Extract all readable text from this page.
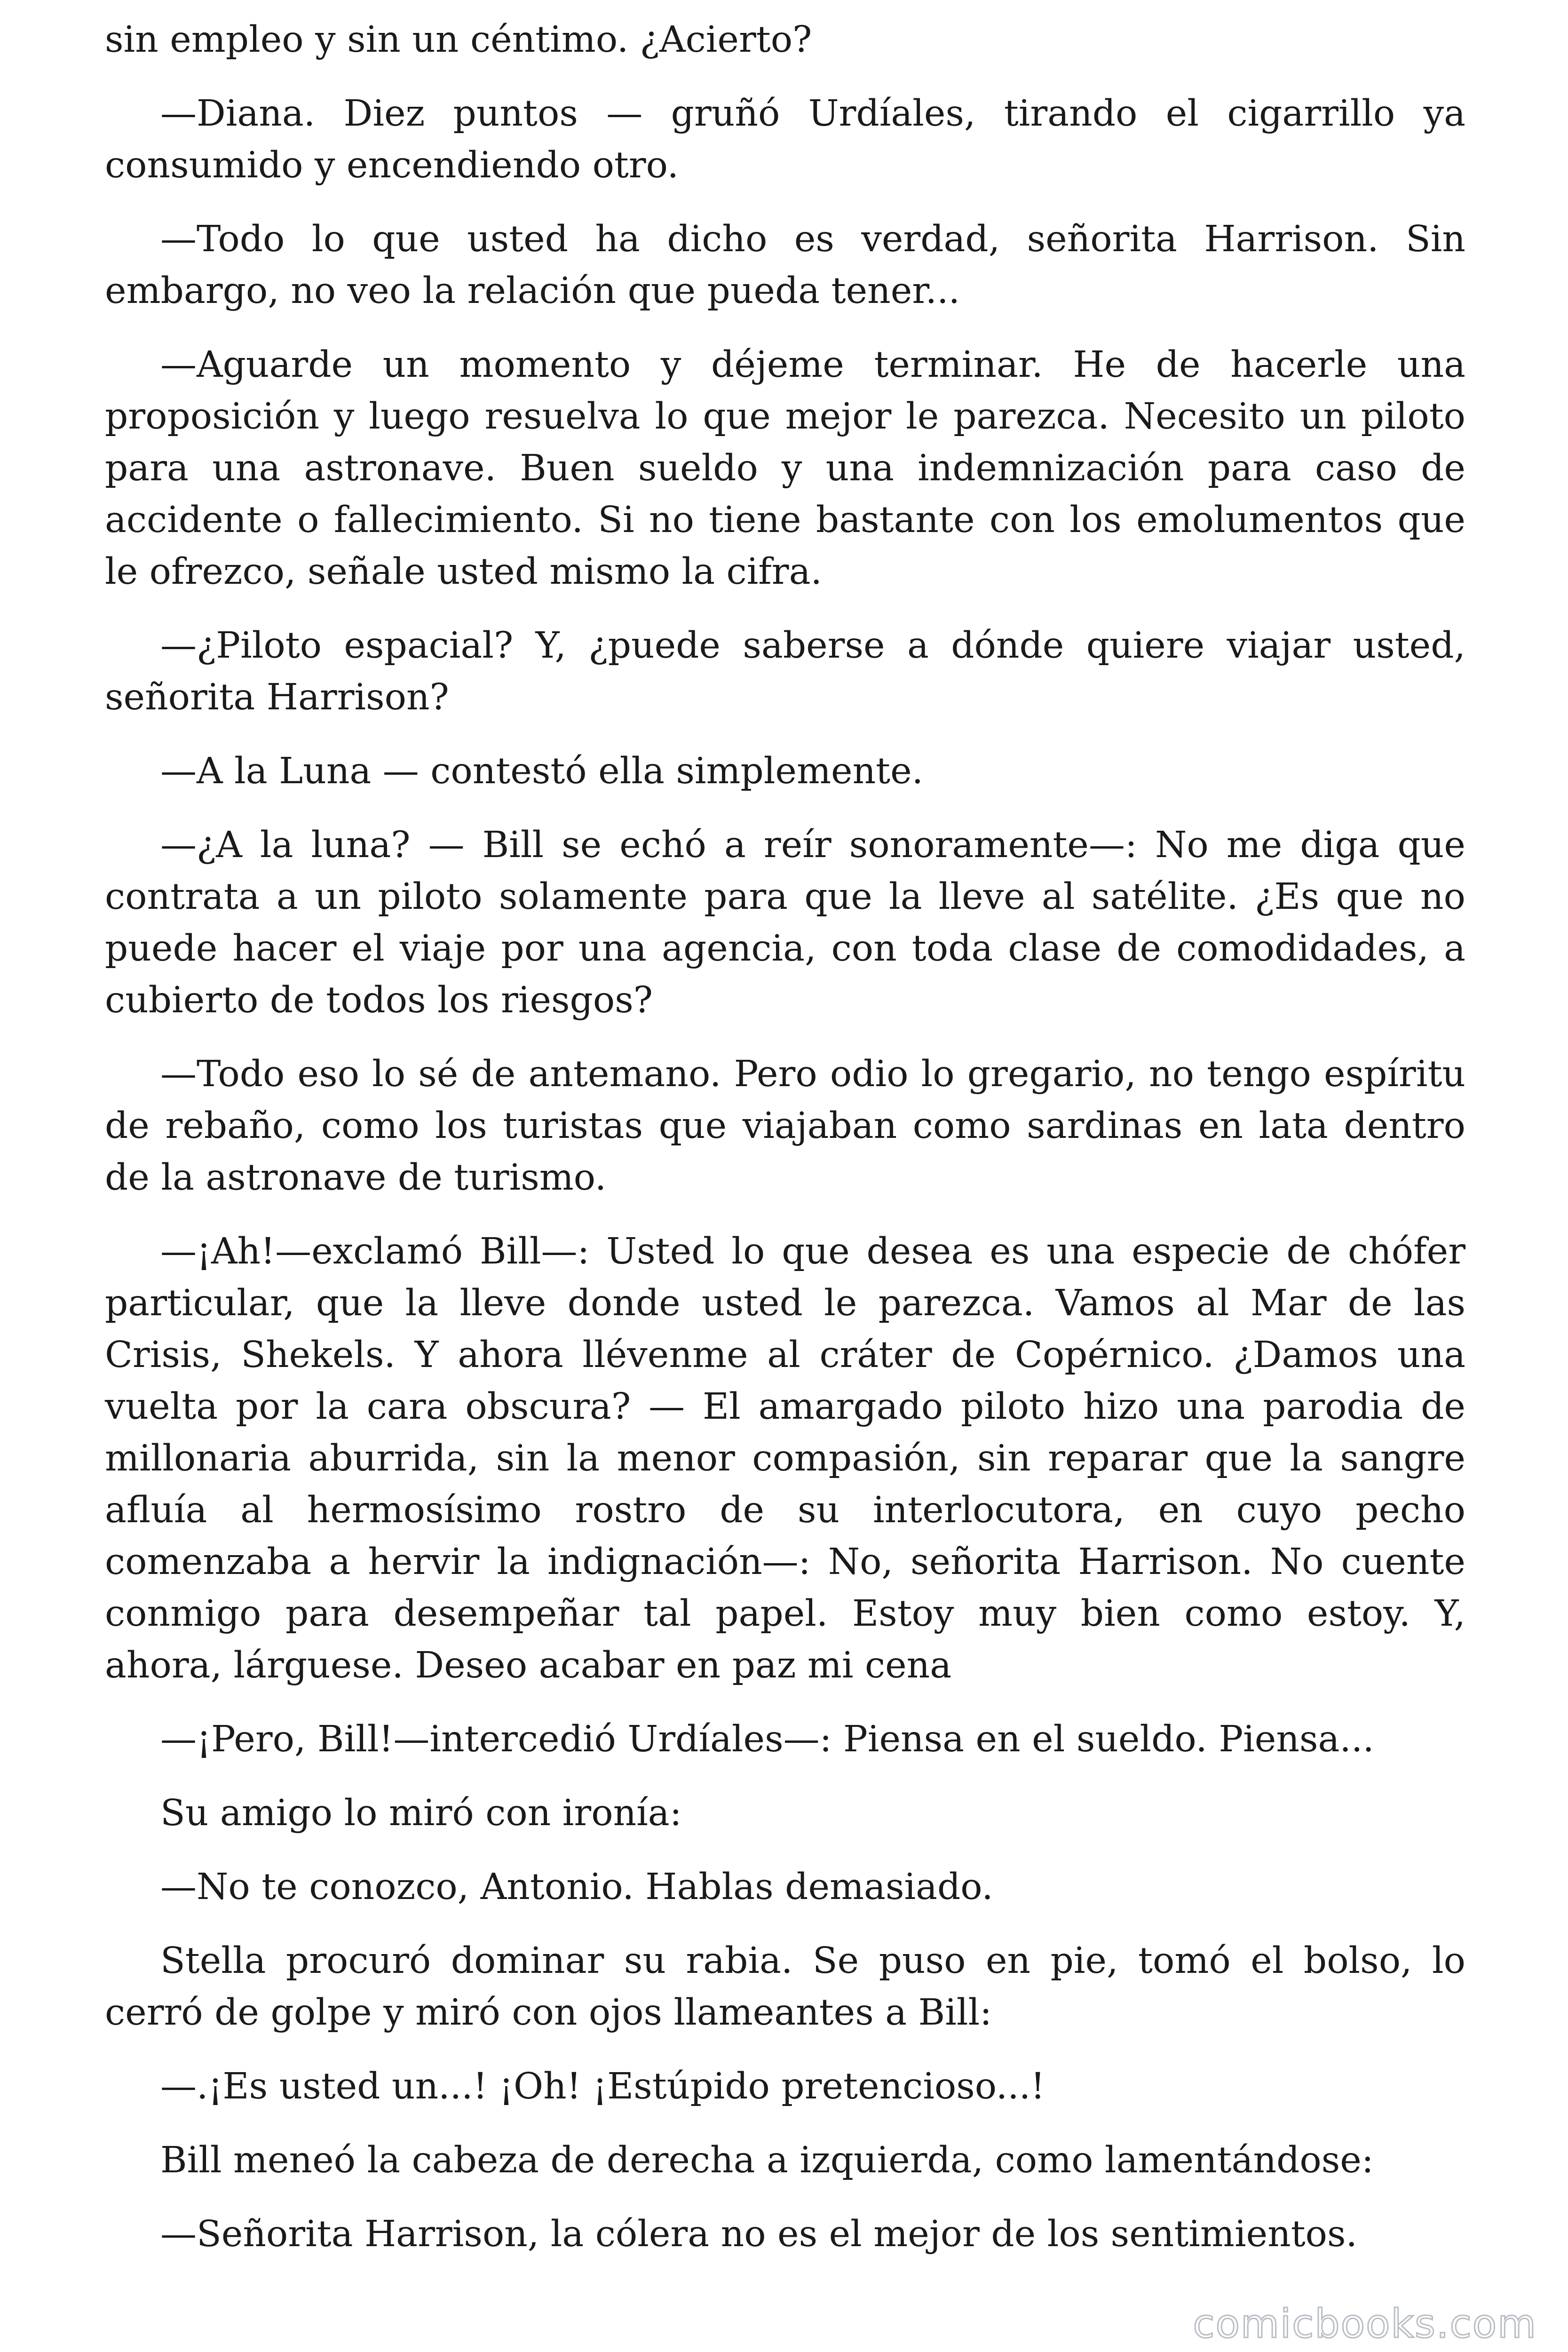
sin empleo y sin un céntimo. ¿Acierto?

—Diana. Diez puntos — gruñó Urdíales, tirando el cigarrillo ya consumido y encendiendo otro.

—Todo lo que usted ha dicho es verdad, señorita Harrison. Sin embargo, no veo la relación que pueda tener...

—Aguarde un momento y déjeme terminar. He de hacerle una proposición y luego resuelva lo que mejor le parezca. Necesito un piloto para una astronave. Buen sueldo y una indemnización para caso de accidente o fallecimiento. Si no tiene bastante con los emolumentos que le ofrezco, señale usted mismo la cifra.

—¿Piloto espacial? Y, ¿puede saberse a dónde quiere viajar usted, señorita Harrison?

—A la Luna — contestó ella simplemente.

—¿A la luna? — Bill se echó a reír sonoramente—: No me diga que contrata a un piloto solamente para que la lleve al satélite. ¿Es que no puede hacer el viaje por una agencia, con toda clase de comodidades, a cubierto de todos los riesgos?

—Todo eso lo sé de antemano. Pero odio lo gregario, no tengo espíritu de rebaño, como los turistas que viajaban como sardinas en lata dentro de la astronave de turismo.

—¡Ah!—exclamó Bill—: Usted lo que desea es una especie de chófer particular, que la lleve donde usted le parezca. Vamos al Mar de las Crisis, Shekels. Y ahora llévenme al cráter de Copérnico. ¿Damos una vuelta por la cara obscura? — El amargado piloto hizo una parodia de millonaria aburrida, sin la menor compasión, sin reparar que la sangre afluía al hermosísimo rostro de su interlocutora, en cuyo pecho comenzaba a hervir la indignación—: No, señorita Harrison. No cuente conmigo para desempeñar tal papel. Estoy muy bien como estoy. Y, ahora, lárguese. Deseo acabar en paz mi cena

—¡Pero, Bill!—intercedió Urdíales—: Piensa en el sueldo. Piensa...

Su amigo lo miró con ironía:

—No te conozco, Antonio. Hablas demasiado.

Stella procuró dominar su rabia. Se puso en pie, tomó el bolso, lo cerró de golpe y miró con ojos llameantes a Bill:

—.¡Es usted un...! ¡Oh! ¡Estúpido pretencioso...!

Bill meneó la cabeza de derecha a izquierda, como lamentándose:

—Señorita Harrison, la cólera no es el mejor de los sentimientos.

comicbooks.com
